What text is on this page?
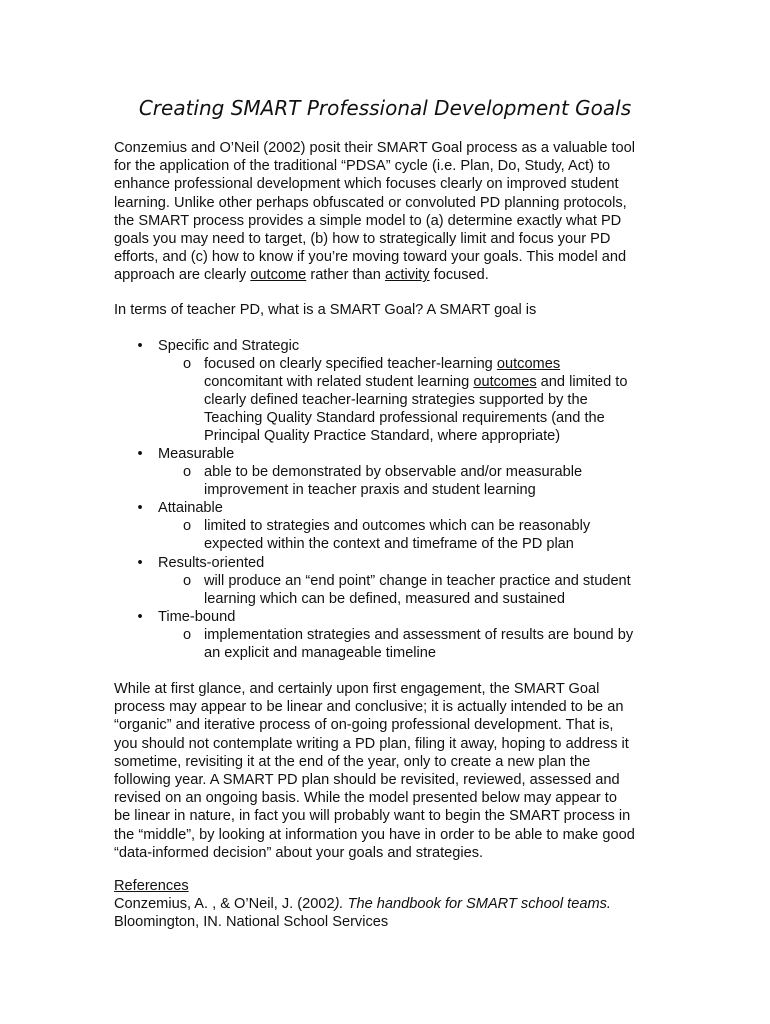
Creating SMART Professional Development Goals
Conzemius and O’Neil (2002) posit their SMART Goal process as a valuable tool
for the application of the traditional “PDSA” cycle (i.e. Plan, Do, Study, Act) to
enhance professional development which focuses clearly on improved student
learning. Unlike other perhaps obfuscated or convoluted PD planning protocols,
the SMART process provides a simple model to (a) determine exactly what PD
goals you may need to target, (b) how to strategically limit and focus your PD
efforts, and (c) how to know if you’re moving toward your goals. This model and
approach are clearly outcome rather than activity focused.
In terms of teacher PD, what is a SMART Goal? A SMART goal is
• Specific and Strategic
o focused on clearly specified teacher-learning outcomes
concomitant with related student learning outcomes and limited to
clearly defined teacher-learning strategies supported by the
Teaching Quality Standard professional requirements (and the
Principal Quality Practice Standard, where appropriate)
• Measurable
o able to be demonstrated by observable and/or measurable
improvement in teacher praxis and student learning
• Attainable
o limited to strategies and outcomes which can be reasonably
expected within the context and timeframe of the PD plan
• Results-oriented
o will produce an “end point” change in teacher practice and student
learning which can be defined, measured and sustained
• Time-bound
o implementation strategies and assessment of results are bound by
an explicit and manageable timeline
While at first glance, and certainly upon first engagement, the SMART Goal
process may appear to be linear and conclusive; it is actually intended to be an
“organic” and iterative process of on-going professional development. That is,
you should not contemplate writing a PD plan, filing it away, hoping to address it
sometime, revisiting it at the end of the year, only to create a new plan the
following year. A SMART PD plan should be revisited, reviewed, assessed and
revised on an ongoing basis. While the model presented below may appear to
be linear in nature, in fact you will probably want to begin the SMART process in
the “middle”, by looking at information you have in order to be able to make good
“data-informed decision” about your goals and strategies.
References
Conzemius, A. , & O’Neil, J. (2002). The handbook for SMART school teams.
Bloomington, IN. National School Services
